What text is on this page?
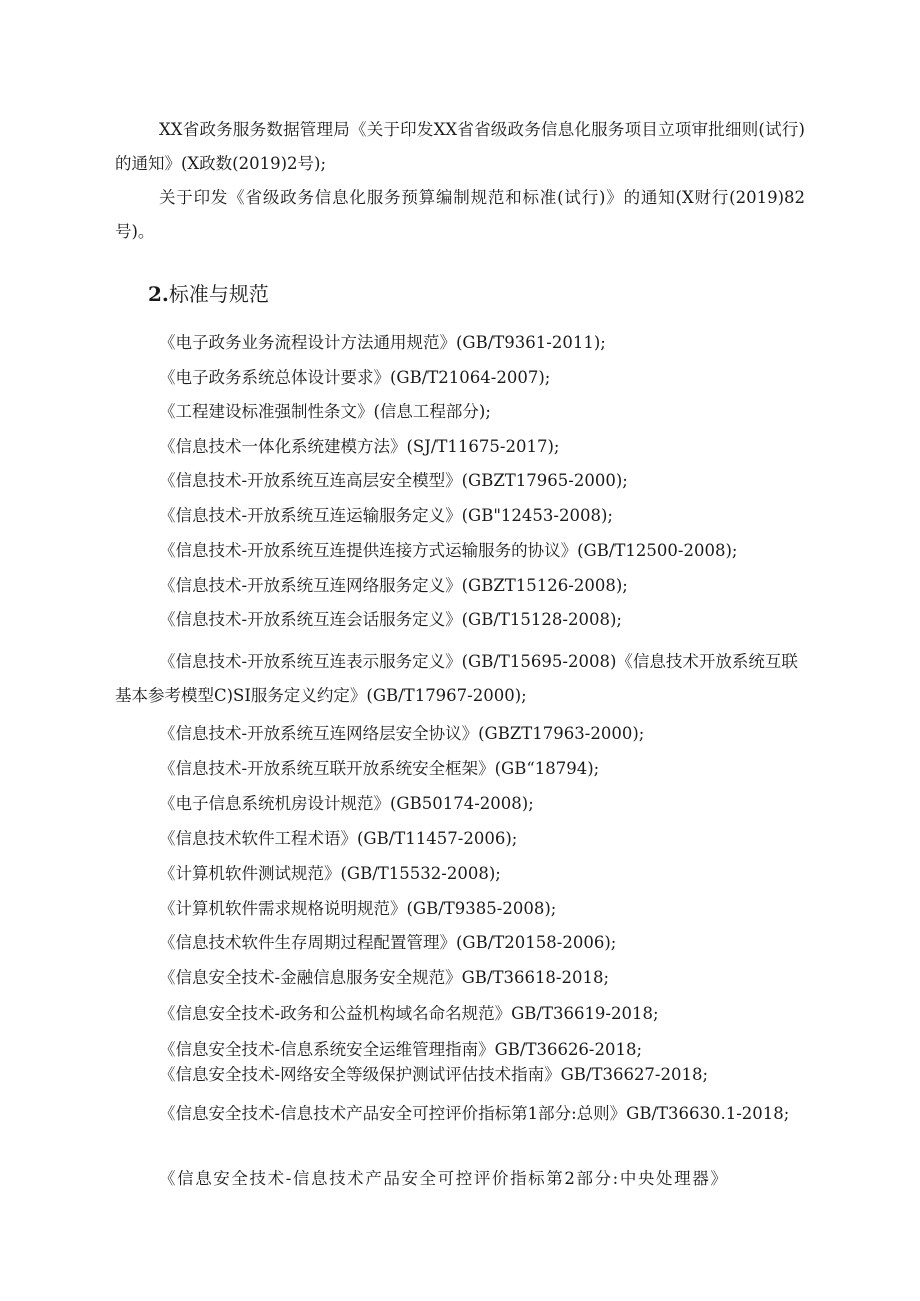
XX省政务服务数据管理局《关于印发XX省省级政务信息化服务项目立项审批细则(试行)的通知》(X政数(2019)2号);

关于印发《省级政务信息化服务预算编制规范和标准(试行)》的通知(X财行(2019)82号)。

2.标准与规范

《电子政务业务流程设计方法通用规范》(GB/T9361-2011);

《电子政务系统总体设计要求》(GB/T21064-2007);

《工程建设标准强制性条文》(信息工程部分);

《信息技术一体化系统建模方法》(SJ/T11675-2017);

《信息技术-开放系统互连高层安全模型》(GBZT17965-2000);

《信息技术-开放系统互连运输服务定义》(GB"12453-2008);

《信息技术-开放系统互连提供连接方式运输服务的协议》(GB/T12500-2008);

《信息技术-开放系统互连网络服务定义》(GBZT15126-2008);

《信息技术-开放系统互连会话服务定义》(GB/T15128-2008);

《信息技术-开放系统互连表示服务定义》(GB/T15695-2008)《信息技术开放系统互联基本参考模型C)SI服务定义约定》(GB/T17967-2000);

《信息技术-开放系统互连网络层安全协议》(GBZT17963-2000);

《信息技术-开放系统互联开放系统安全框架》(GB“18794);

《电子信息系统机房设计规范》(GB50174-2008);

《信息技术软件工程术语》(GB/T11457-2006);

《计算机软件测试规范》(GB/T15532-2008);

《计算机软件需求规格说明规范》(GB/T9385-2008);

《信息技术软件生存周期过程配置管理》(GB/T20158-2006);

《信息安全技术-金融信息服务安全规范》GB/T36618-2018;

《信息安全技术-政务和公益机构域名命名规范》GB/T36619-2018;

《信息安全技术-信息系统安全运维管理指南》GB/T36626-2018;

《信息安全技术-网络安全等级保护测试评估技术指南》GB/T36627-2018;

《信息安全技术-信息技术产品安全可控评价指标第1部分:总则》GB/T36630.1-2018;

《信息安全技术-信息技术产品安全可控评价指标第2部分:中央处理器》
